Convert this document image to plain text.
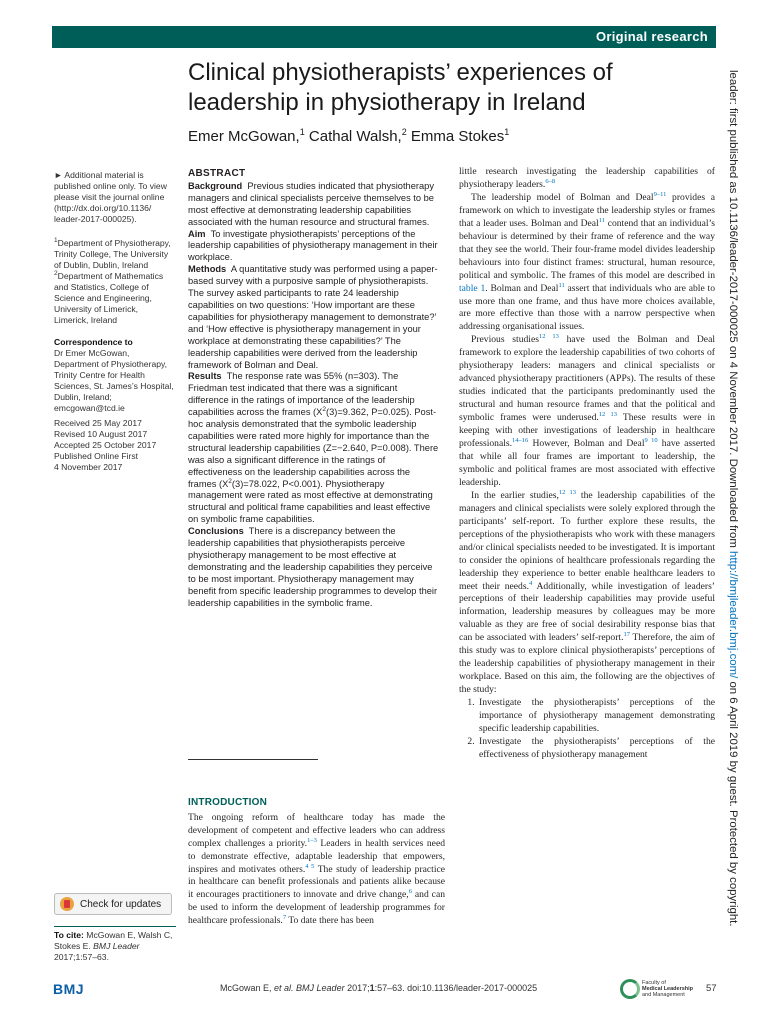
Original research
Clinical physiotherapists’ experiences of leadership in physiotherapy in Ireland
Emer McGowan,$^1$ Cathal Walsh,$^2$ Emma Stokes$^1$	leader: first published as 10.1136/leader-2017-000025 on 4 November 2017. Downloaded from http://bmjleader.bmj.com/ on 6 April 2019 by guest. Protected by copyright.
► Additional material is published online only. To view please visit the journal online (http://dx.doi.org/10.1136/ leader-2017-000025).
$^1$Department of Physiotherapy, Trinity College, The University of Dublin, Dublin, Ireland
$^2$Department of Mathematics and Statistics, College of Science and Engineering, University of Limerick, Limerick, Ireland
Correspondence to
Dr Emer McGowan, Department of Physiotherapy, Trinity Centre for Health Sciences, St. James’s Hospital, Dublin, Ireland; emcgowan@tcd.ie
Received 25 May 2017
Revised 10 August 2017
Accepted 25 October 2017
Published Online First
4 November 2017
ABSTRACT

Background Previous studies indicated that physiotherapy managers and clinical specialists perceive themselves to be most effective at demonstrating leadership capabilities associated with the human resource and structural frames.

Aim To investigate physiotherapists’ perceptions of the leadership capabilities of physiotherapy management in their workplace.

Methods A quantitative study was performed using a paper-based survey with a purposive sample of physiotherapists. The survey asked participants to rate 24 leadership capabilities on two questions: ‘How important are these capabilities for physiotherapy management to demonstrate?’ and ‘How effective is physiotherapy management in your workplace at demonstrating these capabilities?’ The leadership capabilities were derived from the leadership framework of Bolman and Deal.

Results The response rate was 55% (n=303). The Friedman test indicated that there was a significant difference in the ratings of importance of the leadership capabilities across the frames ($X^2(3)=9.362$, P=0.025). Post-hoc analysis demonstrated that the symbolic leadership capabilities were rated more highly for importance than the structural leadership capabilities (Z=−2.640, P=0.008). There was also a significant difference in the ratings of effectiveness on the leadership capabilities across the frames ($X^2(3)=78.022$, P<0.001). Physiotherapy management were rated as most effective at demonstrating structural and political frame capabilities and least effective on symbolic frame capabilities.

Conclusions There is a discrepancy between the leadership capabilities that physiotherapists perceive physiotherapy management to be most effective at demonstrating and the leadership capabilities they perceive to be most important. Physiotherapy management may benefit from specific leadership programmes to develop their leadership capabilities in the symbolic frame.

INTRODUCTION

The ongoing reform of healthcare today has made the development of competent and effective leaders who can address complex challenges a priority.$^{1-3}$ Leaders in health services need to demonstrate effective, adaptable leadership that empowers, inspires and motivates others.$^{4 5}$ The study of leadership practice in healthcare can benefit professionals and patients alike because it encourages practitioners to innovate and drive change,$^6$ and can be used to inform the development of leadership programmes for healthcare professionals.$^7$ To date there has been

little research investigating the leadership capabilities of physiotherapy leaders.$^{6-8}$

The leadership model of Bolman and Deal$^{9-11}$ provides a framework on which to investigate the leadership styles or frames that a leader uses. Bolman and Deal$^{11}$ contend that an individual’s behaviour is determined by their frame of reference and the way that they see the world. Their four-frame model divides leadership behaviours into four distinct frames: structural, human resource, political and symbolic. The frames of this model are described in table 1. Bolman and Deal$^{11}$ assert that individuals who are able to use more than one frame, and thus have more choices available, are more effective than those with a narrow perspective when addressing organisational issues.

Previous studies$^{12 13}$ have used the Bolman and Deal framework to explore the leadership capabilities of two cohorts of physiotherapy leaders: managers and clinical specialists or advanced physiotherapy practitioners (APPs). The results of these studies indicated that the participants predominantly used the structural and human resource frames and that the political and symbolic frames were underused.$^{12 13}$ These results were in keeping with other investigations of leadership in healthcare professionals.$^{14-16}$ However, Bolman and Deal$^{9 10}$ have asserted that while all four frames are important to leadership, the symbolic and political frames are most associated with effective leadership.

In the earlier studies,$^{12 13}$ the leadership capabilities of the managers and clinical specialists were solely explored through the participants’ self-report. To further explore these results, the perceptions of the physiotherapists who work with these managers and/or clinical specialists needed to be investigated. It is important to consider the opinions of healthcare professionals regarding the leadership they experience to better enable healthcare leaders to meet their needs.$^4$ Additionally, while investigation of leaders’ perceptions of their leadership capabilities may provide useful information, leadership measures by colleagues may be more valuable as they are free of social desirability response bias that can be associated with leaders’ self-report.$^{17}$ Therefore, the aim of this study was to explore clinical physiotherapists’ perceptions of the leadership capabilities of physiotherapy management in their workplace. Based on this aim, the following are the objectives of the study:

1. Investigate the physiotherapists’ perceptions of the importance of physiotherapy management demonstrating specific leadership capabilities.
2. Investigate the physiotherapists’ perceptions of the effectiveness of physiotherapy management
Check for updates
To cite: McGowan E, Walsh C, Stokes E. BMJ Leader 2017;1:57–63.
BMJ	McGowan E, et al. BMJ Leader 2017;1:57–63. doi:10.1136/leader-2017-000025	Faculty of
Medical Leadership
and Management
57
